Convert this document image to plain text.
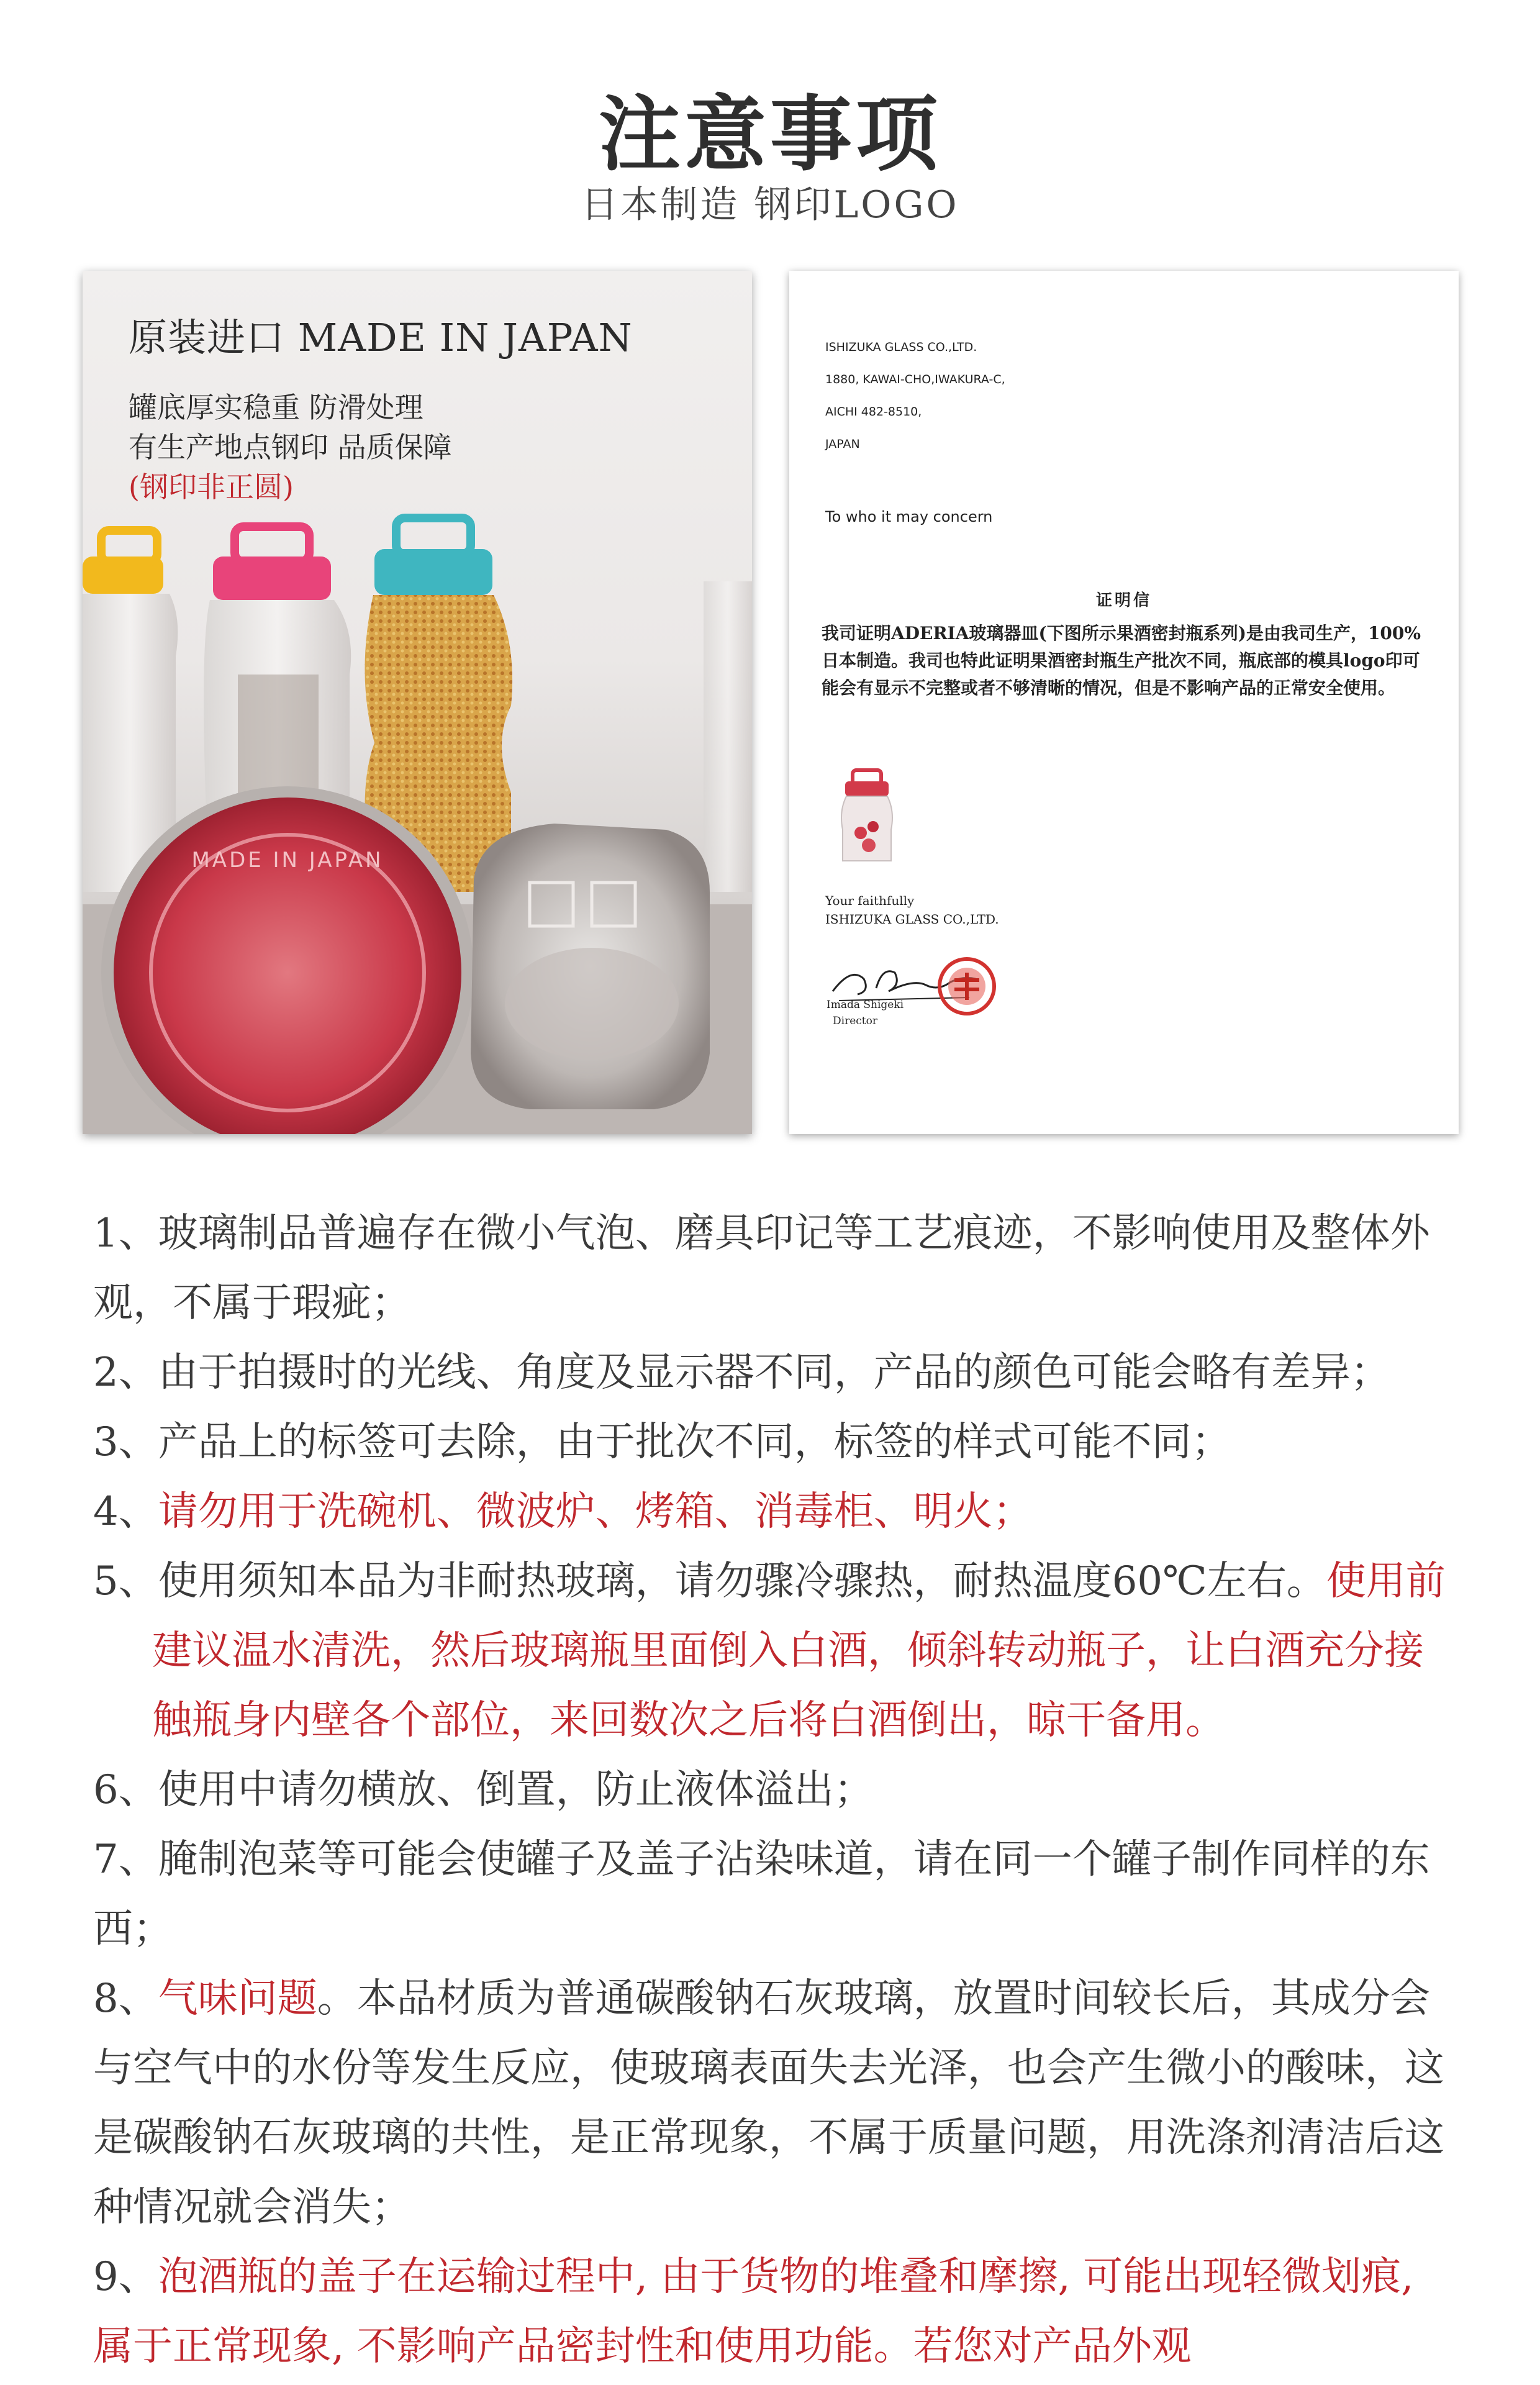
注意事项
日本制造 钢印LOGO
原装进口 MADE IN JAPAN
罐底厚实稳重 防滑处理
有生产地点钢印 品质保障
(钢印非正圆)
MADE IN JAPAN
ISHIZUKA GLASS CO.,LTD.
1880, KAWAI-CHO,IWAKURA-C,
AICHI 482-8510,
JAPAN
To who it may concern
证明信
我司证明ADERIA玻璃器皿(下图所示果酒密封瓶系列)是由我司生产，100%日本制造。我司也特此证明果酒密封瓶生产批次不同，瓶底部的模具logo印可能会有显示不完整或者不够清晰的情况，但是不影响产品的正常安全使用。
Your faithfully
ISHIZUKA GLASS CO.,LTD.
Imada Shigeki
Director

1、玻璃制品普遍存在微小气泡、磨具印记等工艺痕迹，不影响使用及整体外观，不属于瑕疵；

2、由于拍摄时的光线、角度及显示器不同，产品的颜色可能会略有差异；

3、产品上的标签可去除，由于批次不同，标签的样式可能不同；

4、请勿用于洗碗机、微波炉、烤箱、消毒柜、明火；

5、使用须知本品为非耐热玻璃，请勿骤冷骤热，耐热温度60℃左右。使用前建议温水清洗，然后玻璃瓶里面倒入白酒，倾斜转动瓶子，让白酒充分接触瓶身内壁各个部位，来回数次之后将白酒倒出，晾干备用。

6、使用中请勿横放、倒置，防止液体溢出；

7、腌制泡菜等可能会使罐子及盖子沾染味道，请在同一个罐子制作同样的东西；

8、气味问题。本品材质为普通碳酸钠石灰玻璃，放置时间较长后，其成分会与空气中的水份等发生反应，使玻璃表面失去光泽，也会产生微小的酸味，这是碳酸钠石灰玻璃的共性，是正常现象，不属于质量问题，用洗涤剂清洁后这种情况就会消失；

9、泡酒瓶的盖子在运输过程中, 由于货物的堆叠和摩擦, 可能出现轻微划痕, 属于正常现象, 不影响产品密封性和使用功能。若您对产品外观
